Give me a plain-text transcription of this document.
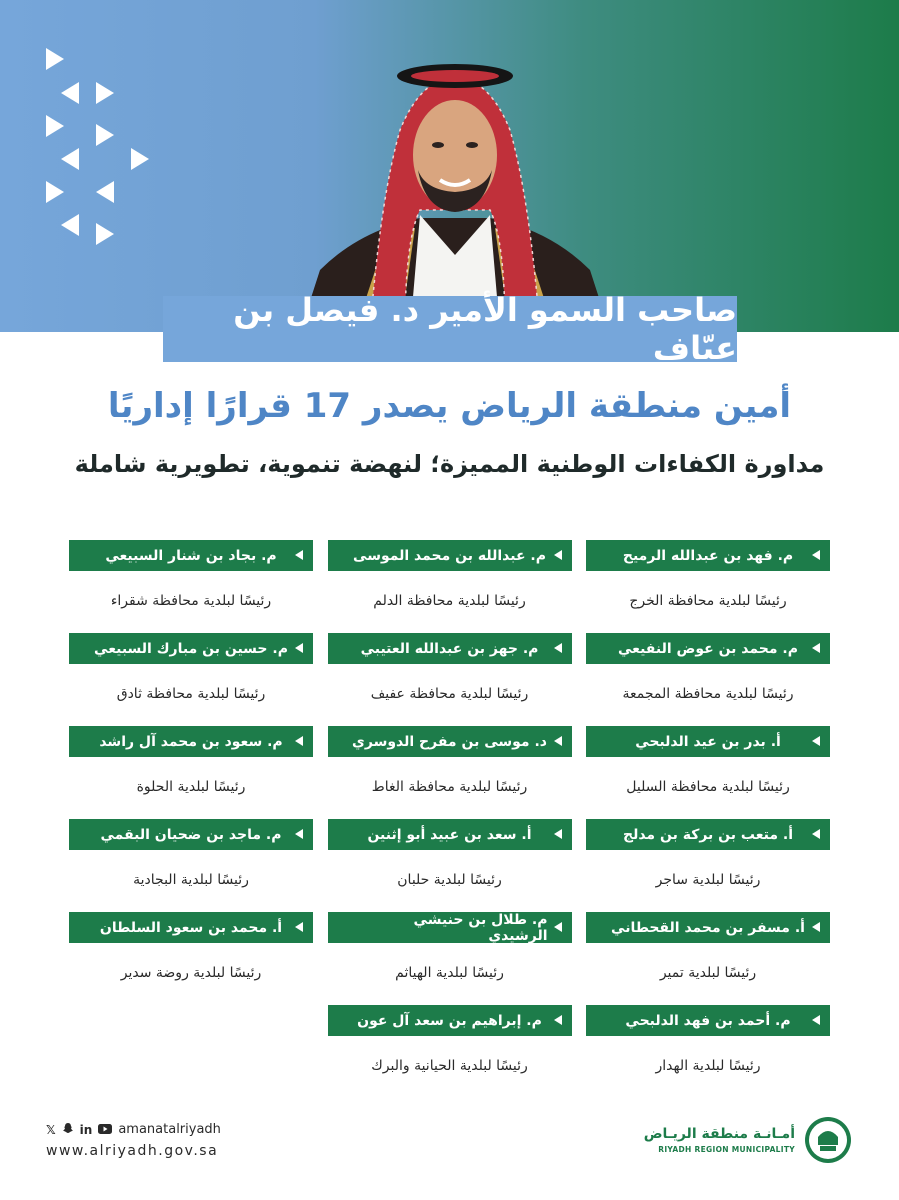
صاحب السمو الأمير د. فيصل بن عيّاف
أمين منطقة الرياض يصدر 17 قرارًا إداريًا
مداورة الكفاءات الوطنية المميزة؛ لنهضة تنموية، تطويرية شاملة
م. فهد بن عبدالله الرميح
رئيسًا لبلدية محافظة الخرج
م. عبدالله بن محمد الموسى
رئيسًا لبلدية محافظة الدلم
م. بجاد بن شنار السبيعي
رئيسًا لبلدية محافظة شقراء
م. محمد بن عوض النفيعي
رئيسًا لبلدية محافظة المجمعة
م. جهز بن عبدالله العتيبي
رئيسًا لبلدية محافظة عفيف
م. حسين بن مبارك السبيعي
رئيسًا لبلدية محافظة ثادق
أ. بدر بن عيد الدلبحي
رئيسًا لبلدية محافظة السليل
د. موسى بن مفرح الدوسري
رئيسًا لبلدية محافظة الغاط
م. سعود بن محمد آل راشد
رئيسًا لبلدية الحلوة
أ. متعب بن بركة بن مدلج
رئيسًا لبلدية ساجر
أ. سعد بن عبيد أبو إثنين
رئيسًا لبلدية حلبان
م. ماجد بن ضحيان البقمي
رئيسًا لبلدية البجادية
أ. مسفر بن محمد القحطاني
رئيسًا لبلدية تمير
م. طلال بن حنيشي الرشيدي
رئيسًا لبلدية الهياثم
أ. محمد بن سعود السلطان
رئيسًا لبلدية روضة سدير
م. أحمد بن فهد الدلبحي
رئيسًا لبلدية الهدار
م. إبراهيم بن سعد آل عون
رئيسًا لبلدية الحيانية والبرك
𝕏 in amanatalriyadh
www.alriyadh.gov.sa
أمـانـة منطقة الريـاض
RIYADH REGION MUNICIPALITY
